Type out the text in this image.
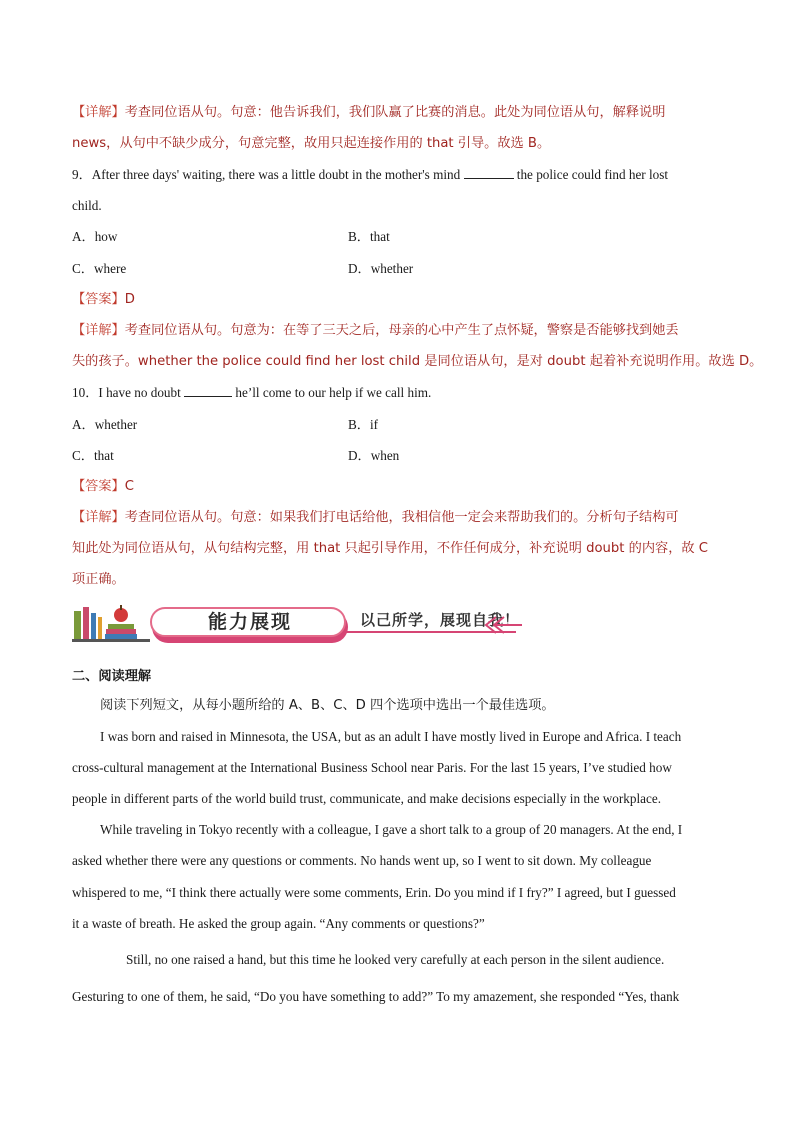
【详解】考查同位语从句。句意：他告诉我们，我们队赢了比赛的消息。此处为同位语从句，解释说明
news，从句中不缺少成分，句意完整，故用只起连接作用的 that 引导。故选 B。
9．After three days' waiting, there was a little doubt in the mother's mind	the police could find her lost
child.
A．how	B．that
C．where	D．whether
【答案】D
【详解】考查同位语从句。句意为：在等了三天之后，母亲的心中产生了点怀疑，警察是否能够找到她丢
失的孩子。whether the police could find her lost child 是同位语从句，是对 doubt 起着补充说明作用。故选 D。
10．I have no doubt	he’ll come to our help if we call him.
A．whether	B．if
C．that	D．when
【答案】C
【详解】考查同位语从句。句意：如果我们打电话给他，我相信他一定会来帮助我们的。分析句子结构可
知此处为同位语从句，从句结构完整，用 that 只起引导作用，不作任何成分，补充说明 doubt 的内容，故 C
项正确。
能力展现	以己所学，展现自我！
二、阅读理解
阅读下列短文，从每小题所给的 A、B、C、D 四个选项中选出一个最佳选项。
I was born and raised in Minnesota, the USA, but as an adult I have mostly lived in Europe and Africa. I teach
cross-cultural management at the International Business School near Paris. For the last 15 years, I’ve studied how
people in different parts of the world build trust, communicate, and make decisions especially in the workplace.
While traveling in Tokyo recently with a colleague, I gave a short talk to a group of 20 managers. At the end, I
asked whether there were any questions or comments. No hands went up, so I went to sit down. My colleague
whispered to me, “I think there actually were some comments, Erin. Do you mind if I fry?” I agreed, but I guessed
it a waste of breath. He asked the group again. “Any comments or questions?”
Still, no one raised a hand, but this time he looked very carefully at each person in the silent audience.
Gesturing to one of them, he said, “Do you have something to add?” To my amazement, she responded “Yes, thank
